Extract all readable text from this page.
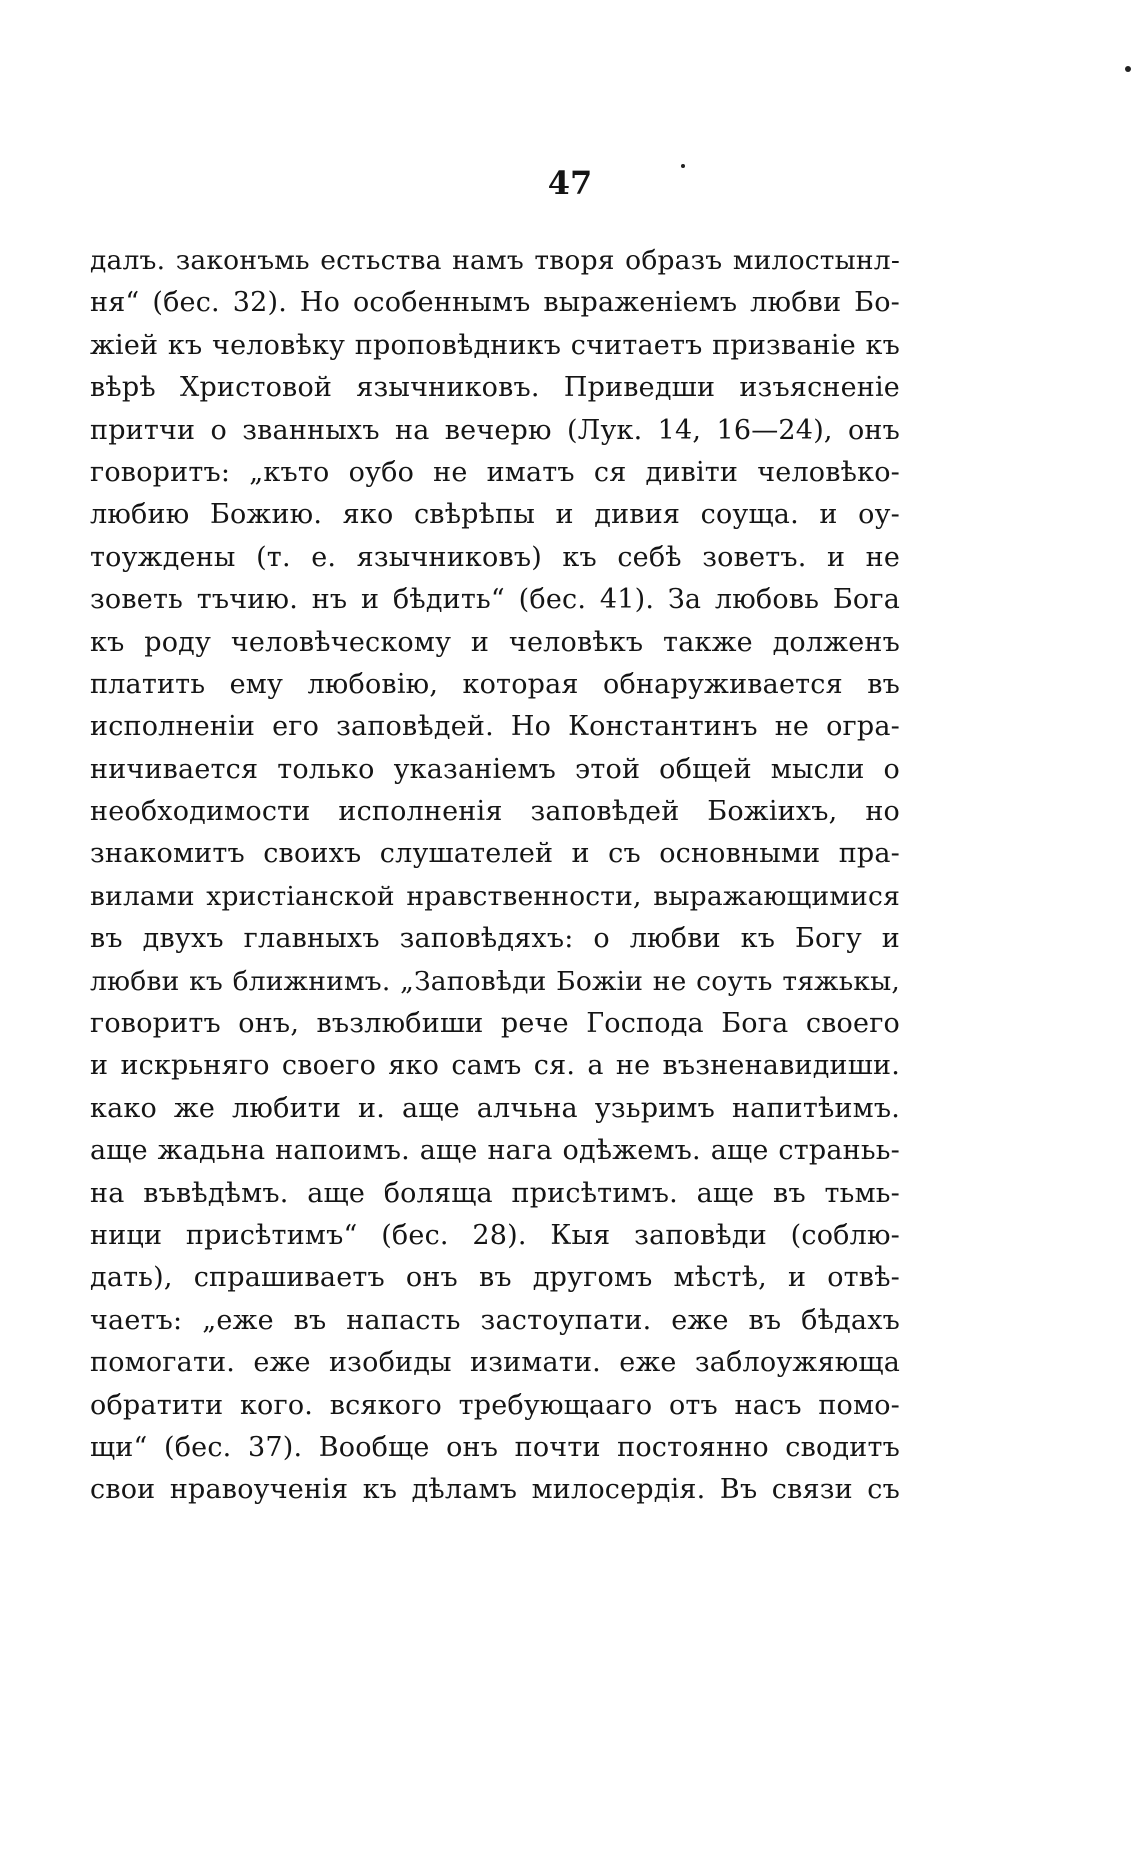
47
далъ. законъмь естьства намъ творя образъ милостынл-
ня“ (бес. 32). Но особеннымъ выраженіемъ любви Бо-
жіей къ человѣку проповѣдникъ считаетъ призваніе къ
вѣрѣ Христовой язычниковъ. Приведши изъясненіе
притчи о званныхъ на вечерю (Лук. 14, 16—24), онъ
говоритъ: „къто оубо не иматъ ся дивіти человѣко-
любию Божию. яко свѣрѣпы и дивия соуща. и оу-
тоуждены (т. е. язычниковъ) къ себѣ зоветъ. и не
зоветь тъчию. нъ и бѣдить“ (бес. 41). За любовь Бога
къ роду человѣческому и человѣкъ также долженъ
платить ему любовію, которая обнаруживается въ
исполненіи его заповѣдей. Но Константинъ не огра-
ничивается только указаніемъ этой общей мысли о
необходимости исполненія заповѣдей Божіихъ, но
знакомитъ своихъ слушателей и съ основными пра-
вилами христіанской нравственности, выражающимися
въ двухъ главныхъ заповѣдяхъ: о любви къ Богу и
любви къ ближнимъ. „Заповѣди Божіи не соуть тяжькы,
говоритъ онъ, възлюбиши рече Господа Бога своего
и искрьняго своего яко самъ ся. а не възненавидиши.
како же любити и. аще алчьна узьримъ напитѣимъ.
аще жадьна напоимъ. аще нага одѣжемъ. аще страньь-
на въвѣдѣмъ. аще боляща присѣтимъ. аще въ тьмь-
ници присѣтимъ“ (бес. 28). Кыя заповѣди (соблю-
дать), спрашиваетъ онъ въ другомъ мѣстѣ, и отвѣ-
чаетъ: „еже въ напасть застоупати. еже въ бѣдахъ
помогати. еже изобиды изимати. еже заблоужяюща
обратити кого. всякого требующаaго отъ насъ помо-
щи“ (бес. 37). Вообще онъ почти постоянно сводитъ
свои нравоученія къ дѣламъ милосердія. Въ связи съ
